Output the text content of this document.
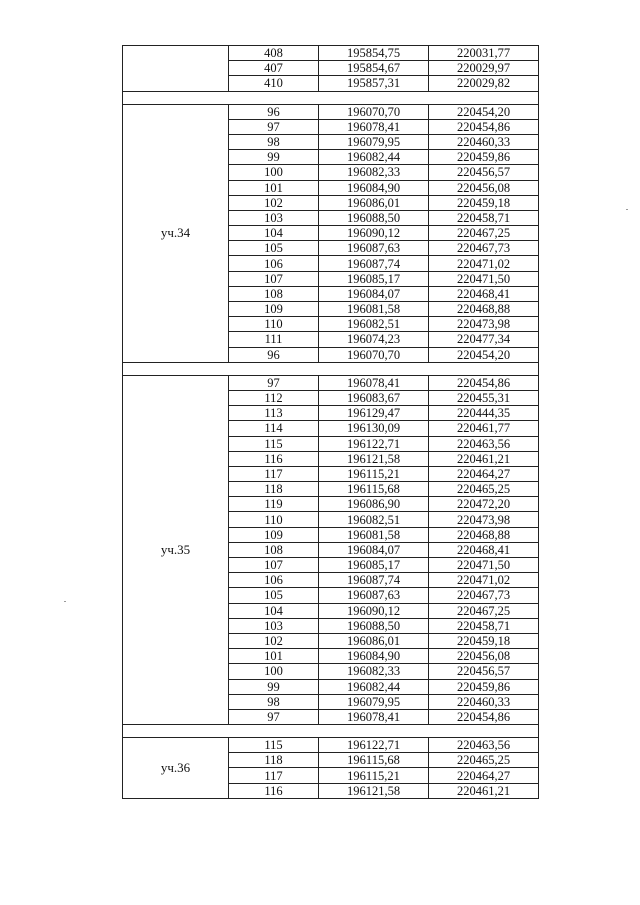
	408	195854,75	220031,77
	407	195854,67	220029,97
	410	195857,31	220029,82

уч.34	96	196070,70	220454,20
	97	196078,41	220454,86
	98	196079,95	220460,33
	99	196082,44	220459,86
	100	196082,33	220456,57
	101	196084,90	220456,08
	102	196086,01	220459,18
	103	196088,50	220458,71
	104	196090,12	220467,25
	105	196087,63	220467,73
	106	196087,74	220471,02
	107	196085,17	220471,50
	108	196084,07	220468,41
	109	196081,58	220468,88
	110	196082,51	220473,98
	111	196074,23	220477,34
	96	196070,70	220454,20

уч.35	97	196078,41	220454,86
	112	196083,67	220455,31
	113	196129,47	220444,35
	114	196130,09	220461,77
	115	196122,71	220463,56
	116	196121,58	220461,21
	117	196115,21	220464,27
	118	196115,68	220465,25
	119	196086,90	220472,20
	110	196082,51	220473,98
	109	196081,58	220468,88
	108	196084,07	220468,41
	107	196085,17	220471,50
	106	196087,74	220471,02
	105	196087,63	220467,73
	104	196090,12	220467,25
	103	196088,50	220458,71
	102	196086,01	220459,18
	101	196084,90	220456,08
	100	196082,33	220456,57
	99	196082,44	220459,86
	98	196079,95	220460,33
	97	196078,41	220454,86

уч.36	115	196122,71	220463,56
	118	196115,68	220465,25
	117	196115,21	220464,27
	116	196121,58	220461,21
